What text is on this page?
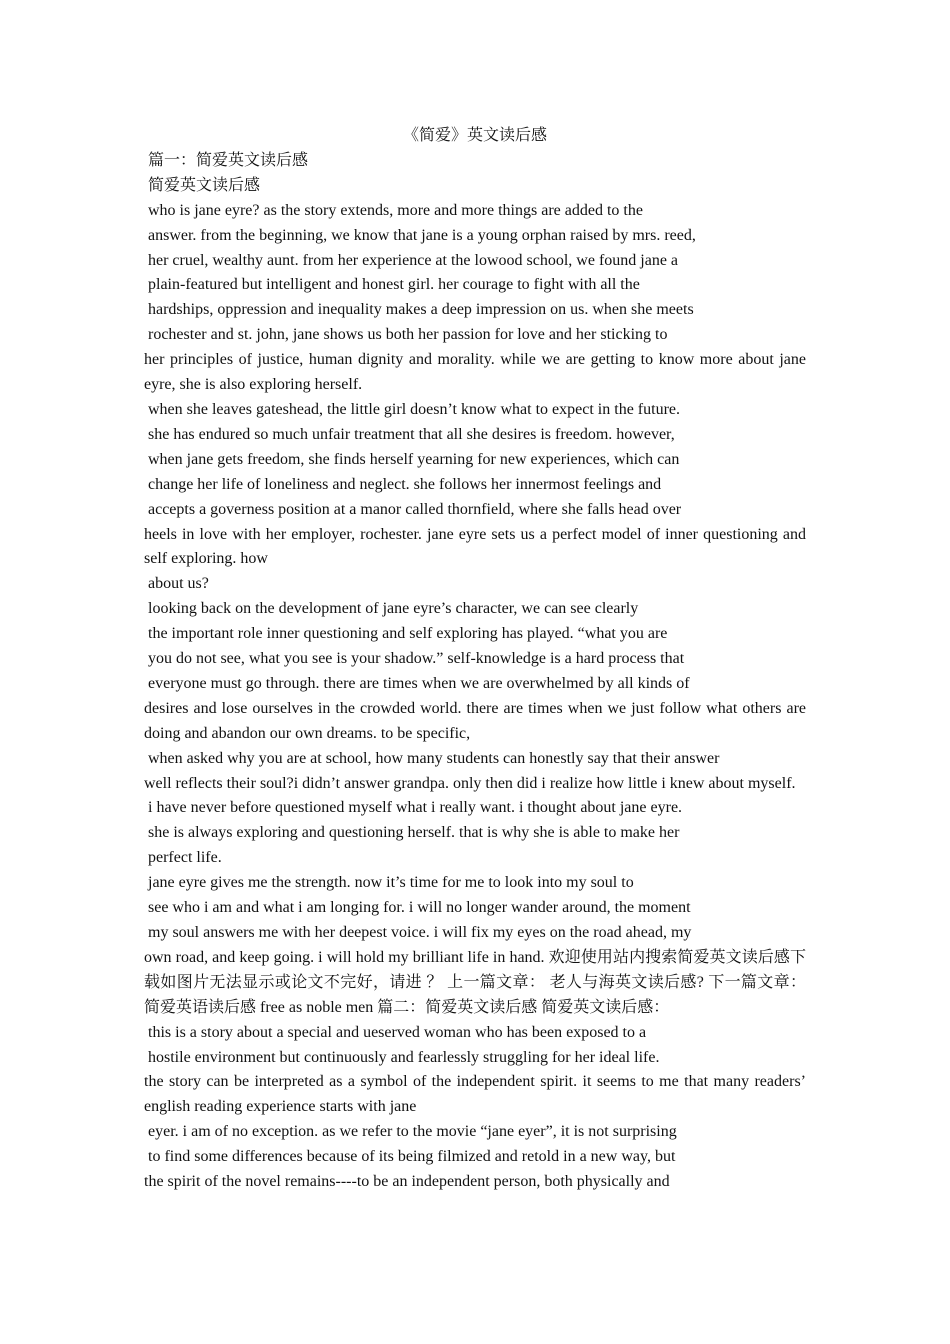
《简爱》英文读后感

篇一：简爱英文读后感

简爱英文读后感

who is jane eyre? as the story extends, more and more things are added to the

answer. from the beginning, we know that jane is a young orphan raised by mrs. reed,

her cruel, wealthy aunt. from her experience at the lowood school, we found jane a

plain-featured but intelligent and honest girl. her courage to fight with all the

hardships, oppression and inequality makes a deep impression on us. when she meets

rochester and st. john, jane shows us both her passion for love and her sticking to

her principles of justice, human dignity and morality. while we are getting to know more about jane eyre, she is also exploring herself.

when she leaves gateshead, the little girl doesn’t know what to expect in the future.

she has endured so much unfair treatment that all she desires is freedom. however,

when jane gets freedom, she finds herself yearning for new experiences, which can

change her life of loneliness and neglect. she follows her innermost feelings and

accepts a governess position at a manor called thornfield, where she falls head over

heels in love with her employer, rochester. jane eyre sets us a perfect model of inner questioning and self exploring. how

about us?

looking back on the development of jane eyre’s character, we can see clearly

the important role inner questioning and self exploring has played. “what you are

you do not see, what you see is your shadow.” self-knowledge is a hard process that

everyone must go through. there are times when we are overwhelmed by all kinds of

desires and lose ourselves in the crowded world. there are times when we just follow what others are doing and abandon our own dreams. to be specific,

when asked why you are at school, how many students can honestly say that their answer

well reflects their soul?i didn’t answer grandpa. only then did i realize how little i knew about myself.

i have never before questioned myself what i really want. i thought about jane eyre.

she is always exploring and questioning herself. that is why she is able to make her

perfect life.

jane eyre gives me the strength. now it’s time for me to look into my soul to

see who i am and what i am longing for. i will no longer wander around, the moment

my soul answers me with her deepest voice. i will fix my eyes on the road ahead, my

own road, and keep going. i will hold my brilliant life in hand. 欢迎使用站内搜索简爱英文读后感下载如图片无法显示或论文不完好，请进 ？ 上一篇文章： 老人与海英文读后感? 下一篇文章： 简爱英语读后感 free as noble men 篇二：简爱英文读后感 简爱英文读后感：

this is a story about a special and ueserved woman who has been exposed to a

hostile environment but continuously and fearlessly struggling for her ideal life.

the story can be interpreted as a symbol of the independent spirit. it seems to me that many readers’ english reading experience starts with jane

eyer. i am of no exception. as we refer to the movie “jane eyer”, it is not surprising

to find some differences because of its being filmized and retold in a new way, but

the spirit of the novel remains----to be an independent person, both physically and
